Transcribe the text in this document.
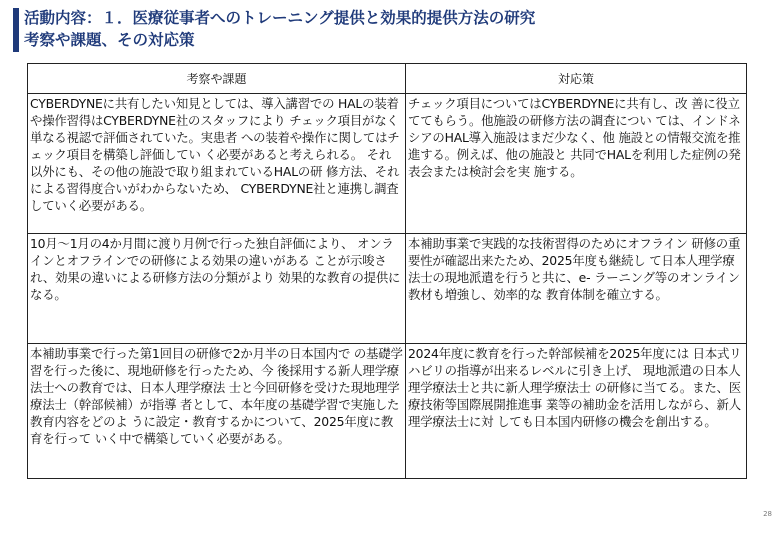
活動内容：１．医療従事者へのトレーニング提供と効果的提供方法の研究
考察や課題、その対応策
考察や課題	対応策

CYBERDYNEに共有したい知見としては、導入講習での HALの装着や操作習得はCYBERDYNE社のスタッフにより チェック項目がなく単なる視認で評価されていた。実患者 への装着や操作に関してはチェック項目を構築し評価してい く必要があると考えられる。 それ以外にも、その他の施設で取り組まれているHALの研 修方法、それによる習得度合いがわからないため、 CYBERDYNE社と連携し調査していく必要がある。	チェック項目についてはCYBERDYNEに共有し、改 善に役立ててもらう。他施設の研修方法の調査につい ては、インドネシアのHAL導入施設はまだ少なく、他 施設との情報交流を推進する。例えば、他の施設と 共同でHALを利用した症例の発表会または検討会を実 施する。

10月～1月の4か月間に渡り月例で行った独自評価により、 オンラインとオフラインでの研修による効果の違いがある ことが示唆され、効果の違いによる研修方法の分類がより 効果的な教育の提供になる。	本補助事業で実践的な技術習得のためにオフライン 研修の重要性が確認出来たため、2025年度も継続し て日本人理学療法士の現地派遣を行うと共に、e- ラーニング等のオンライン教材も増強し、効率的な 教育体制を確立する。

本補助事業で行った第1回目の研修で2か月半の日本国内で の基礎学習を行った後に、現地研修を行ったため、今 後採用する新人理学療法士への教育では、日本人理学療法 士と今回研修を受けた現地理学療法士（幹部候補）が指導 者として、本年度の基礎学習で実施した教育内容をどのよ うに設定・教育するかについて、2025年度に教育を行って いく中で構築していく必要がある。	2024年度に教育を行った幹部候補を2025年度には 日本式リハビリの指導が出来るレベルに引き上げ、 現地派遣の日本人理学療法士と共に新人理学療法士 の研修に当てる。また、医療技術等国際展開推進事 業等の補助金を活用しながら、新人理学療法士に対 しても日本国内研修の機会を創出する。
28
